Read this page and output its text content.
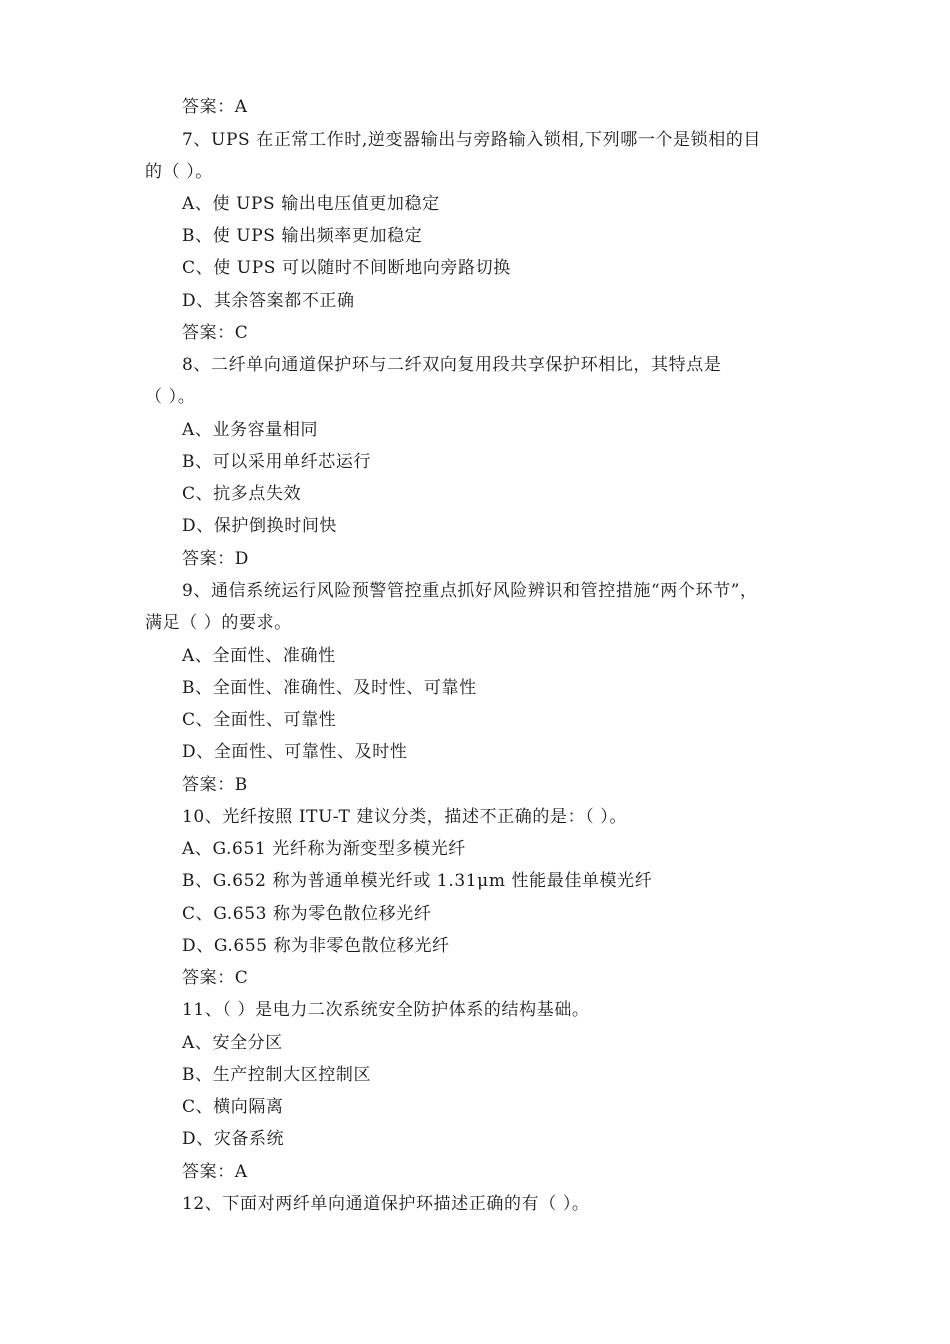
答案：A
7、UPS 在正常工作时,逆变器输出与旁路输入锁相,下列哪一个是锁相的目
的（ ）。
A、使 UPS 输出电压值更加稳定
B、使 UPS 输出频率更加稳定
C、使 UPS 可以随时不间断地向旁路切换
D、其余答案都不正确
答案：C
8、二纤单向通道保护环与二纤双向复用段共享保护环相比，其特点是
（ ）。
A、业务容量相同
B、可以采用单纤芯运行
C、抗多点失效
D、保护倒换时间快
答案：D
9、通信系统运行风险预警管控重点抓好风险辨识和管控措施“两个环节”，
满足（ ）的要求。
A、全面性、准确性
B、全面性、准确性、及时性、可靠性
C、全面性、可靠性
D、全面性、可靠性、及时性
答案：B
10、光纤按照 ITU-T 建议分类，描述不正确的是：（ ）。
A、G.651 光纤称为渐变型多模光纤
B、G.652 称为普通单模光纤或 1.31μm 性能最佳单模光纤
C、G.653 称为零色散位移光纤
D、G.655 称为非零色散位移光纤
答案：C
11、（ ）是电力二次系统安全防护体系的结构基础。
A、安全分区
B、生产控制大区控制区
C、横向隔离
D、灾备系统
答案：A
12、下面对两纤单向通道保护环描述正确的有（ ）。
